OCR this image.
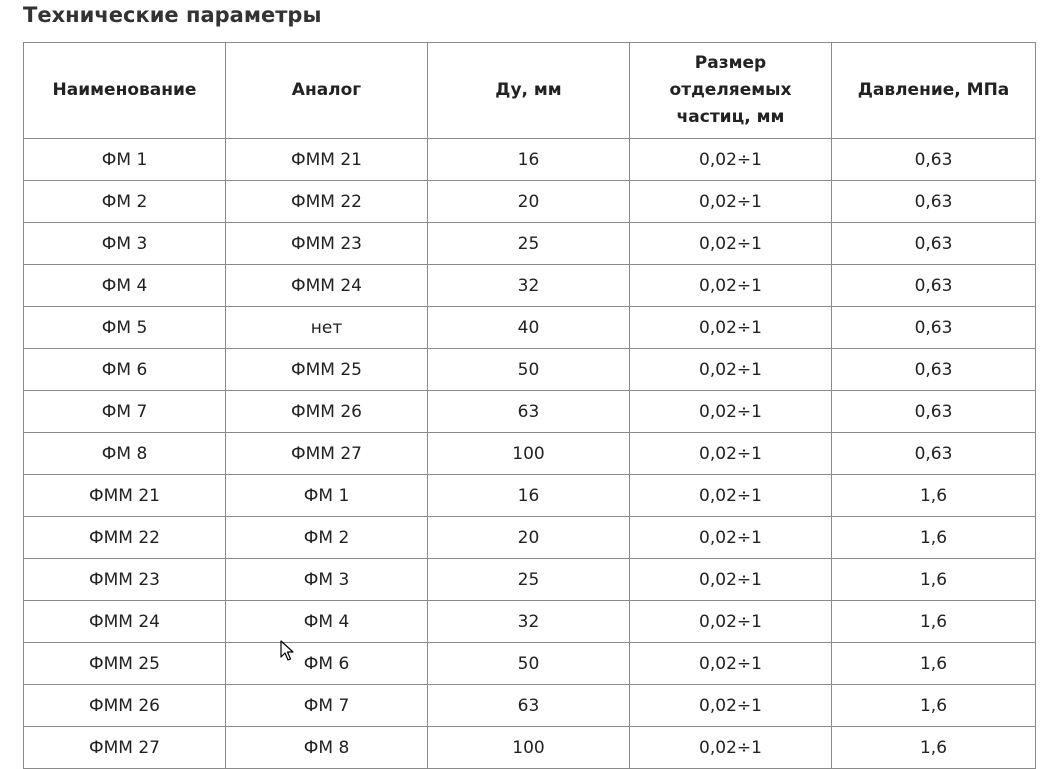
Технические параметры
Наименование	Аналог	Ду, мм	Размер отделяемых частиц, мм	Давление, МПа
ФМ 1	ФММ 21	16	0,02÷1	0,63
ФМ 2	ФММ 22	20	0,02÷1	0,63
ФМ 3	ФММ 23	25	0,02÷1	0,63
ФМ 4	ФММ 24	32	0,02÷1	0,63
ФМ 5	нет	40	0,02÷1	0,63
ФМ 6	ФММ 25	50	0,02÷1	0,63
ФМ 7	ФММ 26	63	0,02÷1	0,63
ФМ 8	ФММ 27	100	0,02÷1	0,63
ФММ 21	ФМ 1	16	0,02÷1	1,6
ФММ 22	ФМ 2	20	0,02÷1	1,6
ФММ 23	ФМ 3	25	0,02÷1	1,6
ФММ 24	ФМ 4	32	0,02÷1	1,6
ФММ 25	ФМ 6	50	0,02÷1	1,6
ФММ 26	ФМ 7	63	0,02÷1	1,6
ФММ 27	ФМ 8	100	0,02÷1	1,6
